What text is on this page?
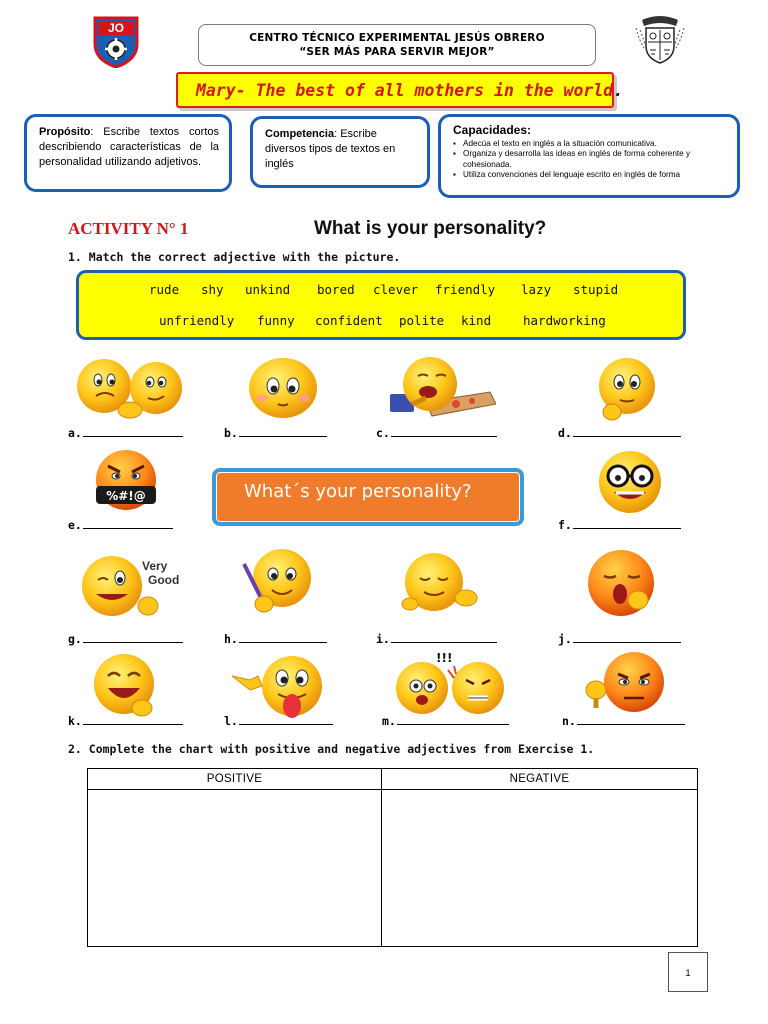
JO
CENTRO TÉCNICO EXPERIMENTAL JESÚS OBRERO
“SER MÁS PARA SERVIR MEJOR”
Mary- The best of all mothers in the world.
Propósito: Escribe textos cortos describiendo características de la personalidad utilizando adjetivos.
Competencia: Escribe diversos tipos de textos en inglés
Capacidades:
▪ Adecúa el texto en inglés a la situación comunicativa.
▪ Organiza y desarrolla las ideas en inglés de forma coherente y cohesionada.
▪ Utiliza convenciones del lenguaje escrito en inglés de forma
ACTIVITY N° 1	What is your personality?
1. Match the correct adjective with the picture.
rude shy unkind bored clever friendly lazy stupid
unfriendly funny confident polite kind	hardworking
a.	b.	c.	d.
%#!@	What´s your personality?
e.	f.
Very
Good
g.	h.	i.	j.
!!!
k.	l.	m.	n.
2. Complete the chart with positive and negative adjectives from Exercise 1.
POSITIVE	NEGATIVE

1
